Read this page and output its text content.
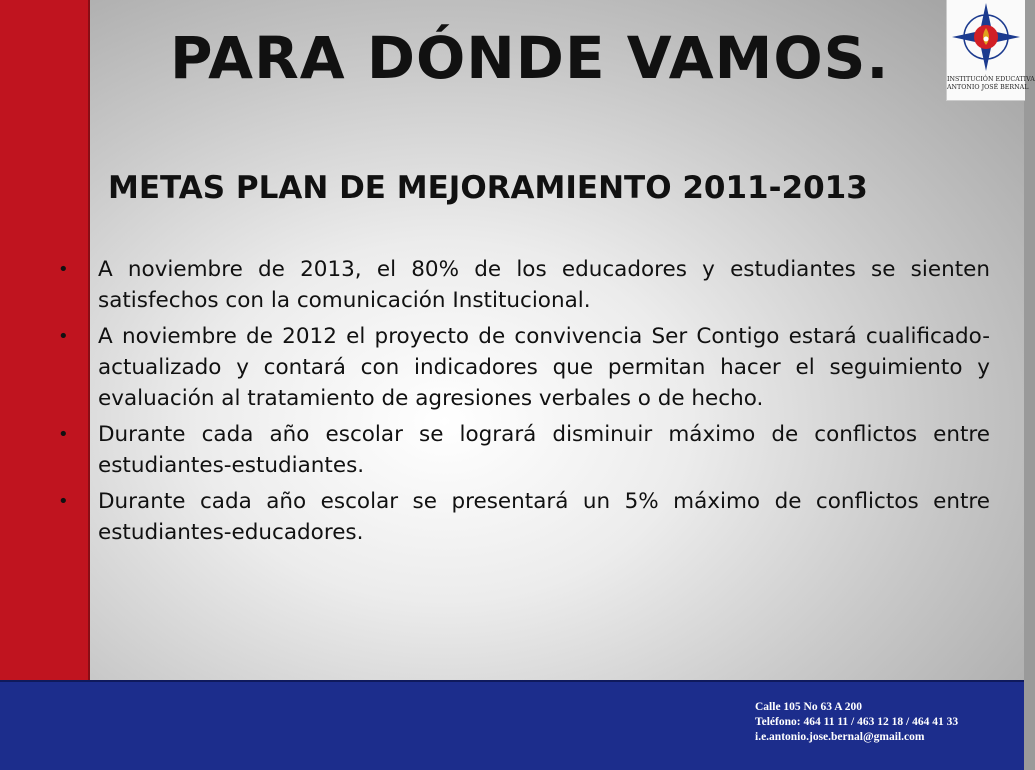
PARA DÓNDE VAMOS.
METAS PLAN DE MEJORAMIENTO 2011-2013
• A noviembre de 2013, el 80% de los educadores y estudiantes se sienten satisfechos con la comunicación Institucional.
• A noviembre de 2012 el proyecto de convivencia Ser Contigo estará cualificado-actualizado y contará con indicadores que permitan hacer el seguimiento y evaluación al tratamiento de agresiones verbales o de hecho.
• Durante cada año escolar se logrará disminuir máximo de conflictos entre estudiantes-estudiantes.
• Durante cada año escolar se presentará un 5% máximo de conflictos entre estudiantes-educadores.

INSTITUCIÓN EDUCATIVA
ANTONIO JOSÉ BERNAL

Calle 105 No 63 A 200
Teléfono: 464 11 11 / 463 12 18 / 464 41 33
i.e.antonio.jose.bernal@gmail.com
